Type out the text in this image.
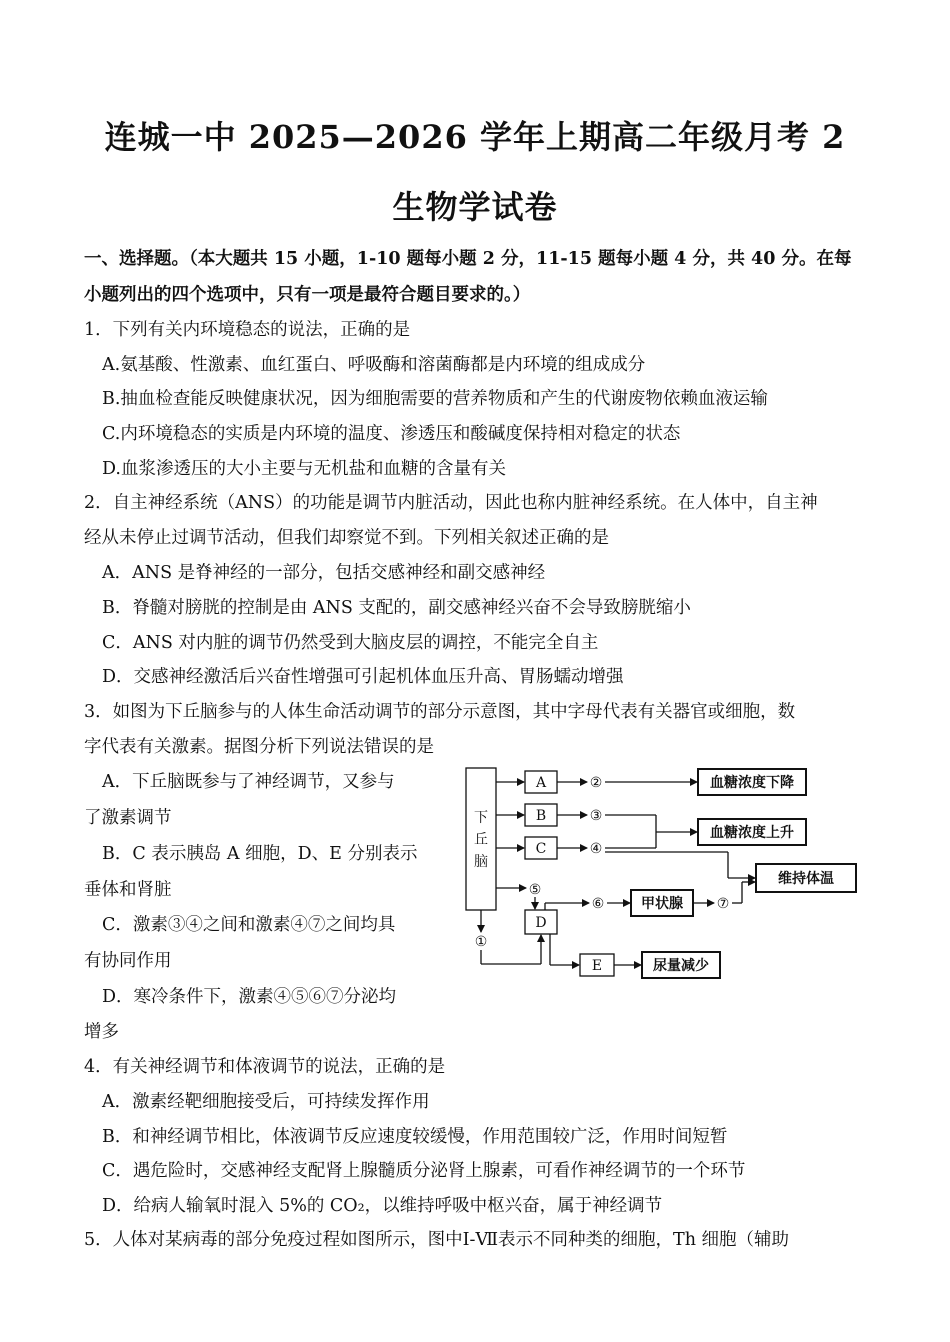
连城一中 2025—2026 学年上期高二年级月考 2
生物学试卷
一、选择题。（本大题共 15 小题，1-10 题每小题 2 分，11-15 题每小题 4 分，共 40 分。在每
小题列出的四个选项中，只有一项是最符合题目要求的。）
1．下列有关内环境稳态的说法，正确的是
A.氨基酸、性激素、血红蛋白、呼吸酶和溶菌酶都是内环境的组成成分
B.抽血检查能反映健康状况，因为细胞需要的营养物质和产生的代谢废物依赖血液运输
C.内环境稳态的实质是内环境的温度、渗透压和酸碱度保持相对稳定的状态
D.血浆渗透压的大小主要与无机盐和血糖的含量有关
2．自主神经系统（ANS）的功能是调节内脏活动，因此也称内脏神经系统。在人体中，自主神
经从未停止过调节活动，但我们却察觉不到。下列相关叙述正确的是
A．ANS 是脊神经的一部分，包括交感神经和副交感神经
B．脊髓对膀胱的控制是由 ANS 支配的，副交感神经兴奋不会导致膀胱缩小
C．ANS 对内脏的调节仍然受到大脑皮层的调控，不能完全自主
D．交感神经激活后兴奋性增强可引起机体血压升高、胃肠蠕动增强
3．如图为下丘脑参与的人体生命活动调节的部分示意图，其中字母代表有关器官或细胞，数
字代表有关激素。据图分析下列说法错误的是
A．下丘脑既参与了神经调节，又参与
了激素调节
B．C 表示胰岛 A 细胞，D、E 分别表示
垂体和肾脏
C．激素③④之间和激素④⑦之间均具
有协同作用
D．寒冷条件下，激素④⑤⑥⑦分泌均
增多
下
丘
脑
A
B
C
D
E
②
③
④
⑤
⑥	⑦
①
血糖浓度下降
血糖浓度上升
维持体温
甲状腺
尿量减少
4．有关神经调节和体液调节的说法，正确的是
A．激素经靶细胞接受后，可持续发挥作用
B．和神经调节相比，体液调节反应速度较缓慢，作用范围较广泛，作用时间短暂
C．遇危险时，交感神经支配肾上腺髓质分泌肾上腺素，可看作神经调节的一个环节
D．给病人输氧时混入 5%的 CO₂，以维持呼吸中枢兴奋，属于神经调节
5．人体对某病毒的部分免疫过程如图所示，图中Ⅰ-Ⅶ表示不同种类的细胞，Th 细胞（辅助
